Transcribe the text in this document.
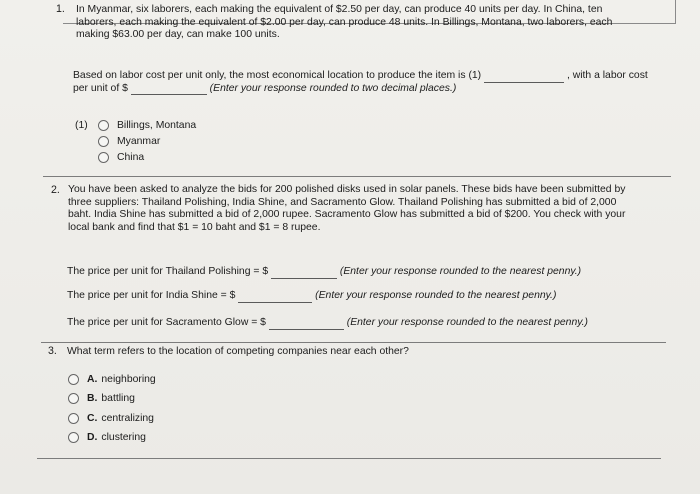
1. In Myanmar, six laborers, each making the equivalent of $2.50 per day, can produce 40 units per day. In China, ten
laborers, each making the equivalent of $2.00 per day, can produce 48 units. In Billings, Montana, two laborers, each
making $63.00 per day, can make 100 units.
Based on labor cost per unit only, the most economical location to produce the item is (1)	, with a labor cost
per unit of $	(Enter your response rounded to two decimal places.)
(1)	Billings, Montana
Myanmar
China
2. You have been asked to analyze the bids for 200 polished disks used in solar panels. These bids have been submitted by
three suppliers: Thailand Polishing, India Shine, and Sacramento Glow. Thailand Polishing has submitted a bid of 2,000
baht. India Shine has submitted a bid of 2,000 rupee. Sacramento Glow has submitted a bid of $200. You check with your
local bank and find that $1 = 10 baht and $1 = 8 rupee.
The price per unit for Thailand Polishing = $	(Enter your response rounded to the nearest penny.)
The price per unit for India Shine = $	(Enter your response rounded to the nearest penny.)
The price per unit for Sacramento Glow = $	(Enter your response rounded to the nearest penny.)
3. What term refers to the location of competing companies near each other?
A. neighboring
B. battling
C. centralizing
D. clustering
